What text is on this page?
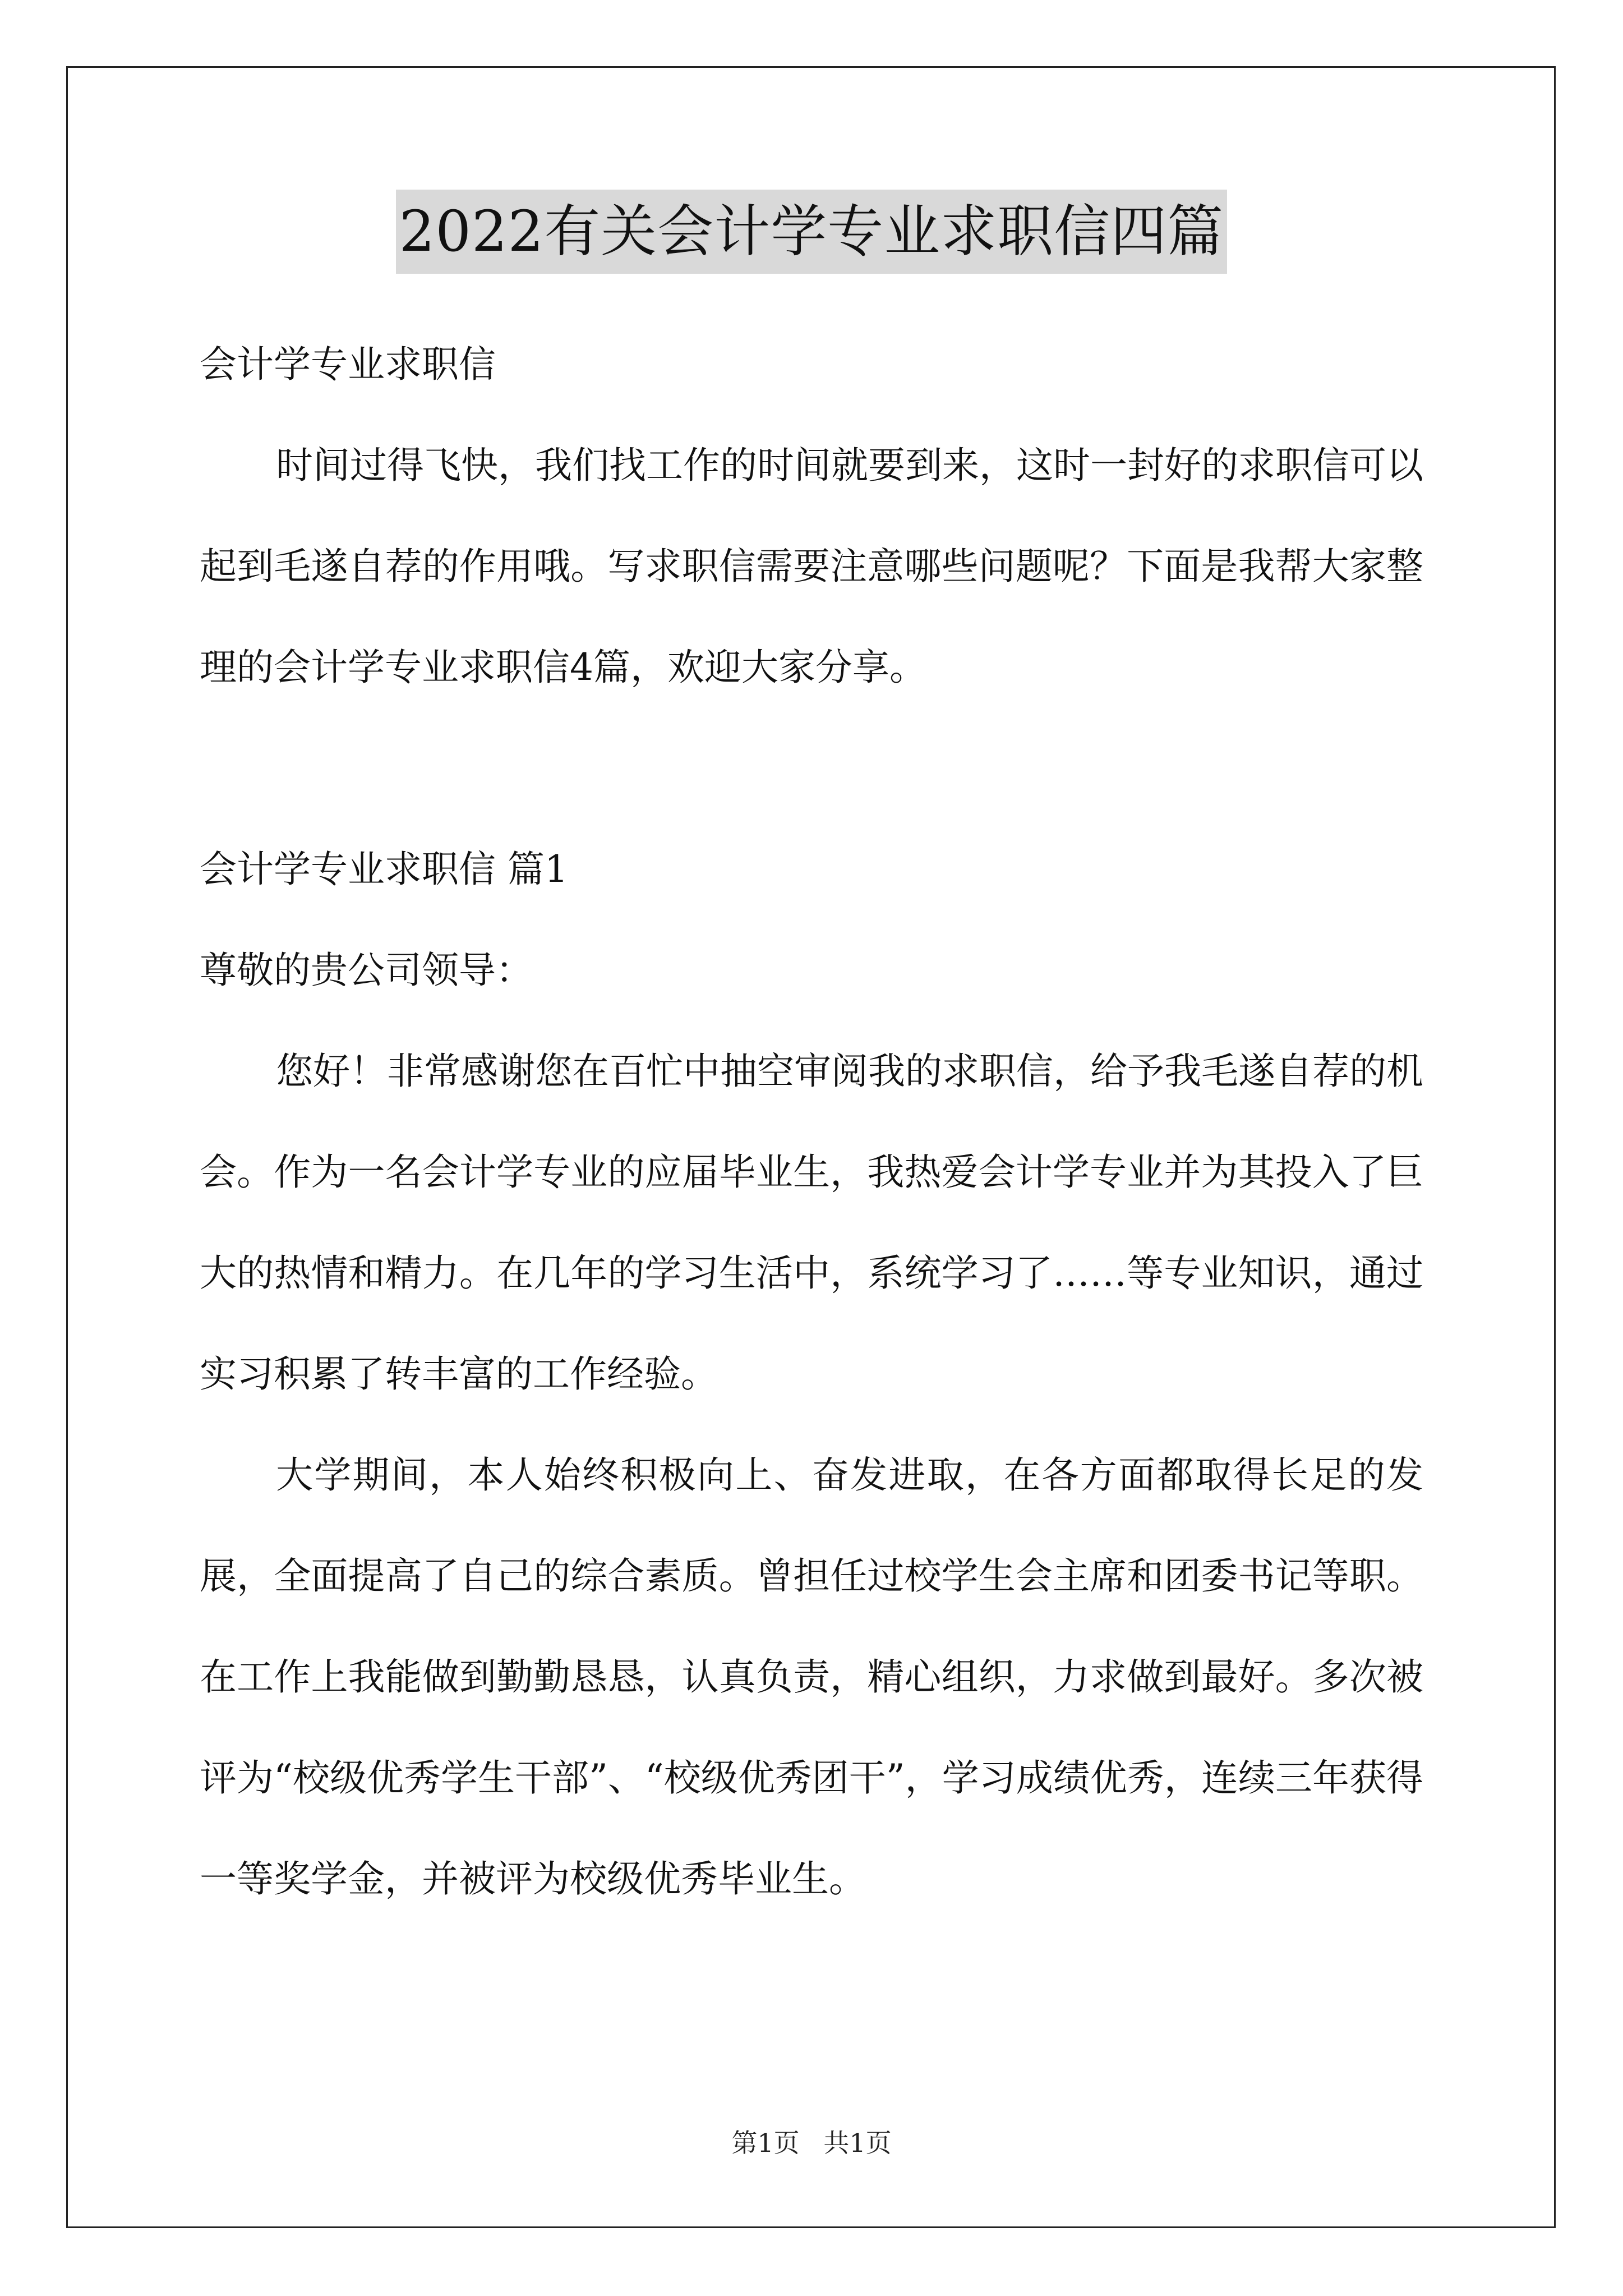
2022有关会计学专业求职信四篇

会计学专业求职信

时间过得飞快，我们找工作的时间就要到来，这时一封好的求职信可以起到毛遂自荐的作用哦。写求职信需要注意哪些问题呢？下面是我帮大家整理的会计学专业求职信4篇，欢迎大家分享。

会计学专业求职信 篇1

尊敬的贵公司领导：

您好！非常感谢您在百忙中抽空审阅我的求职信，给予我毛遂自荐的机会。作为一名会计学专业的应届毕业生，我热爱会计学专业并为其投入了巨大的热情和精力。在几年的学习生活中，系统学习了……等专业知识，通过实习积累了转丰富的工作经验。

大学期间，本人始终积极向上、奋发进取，在各方面都取得长足的发展，全面提高了自己的综合素质。曾担任过校学生会主席和团委书记等职。在工作上我能做到勤勤恳恳，认真负责，精心组织，力求做到最好。多次被评为“校级优秀学生干部”、“校级优秀团干”，学习成绩优秀，连续三年获得一等奖学金，并被评为校级优秀毕业生。

第1页 共1页
